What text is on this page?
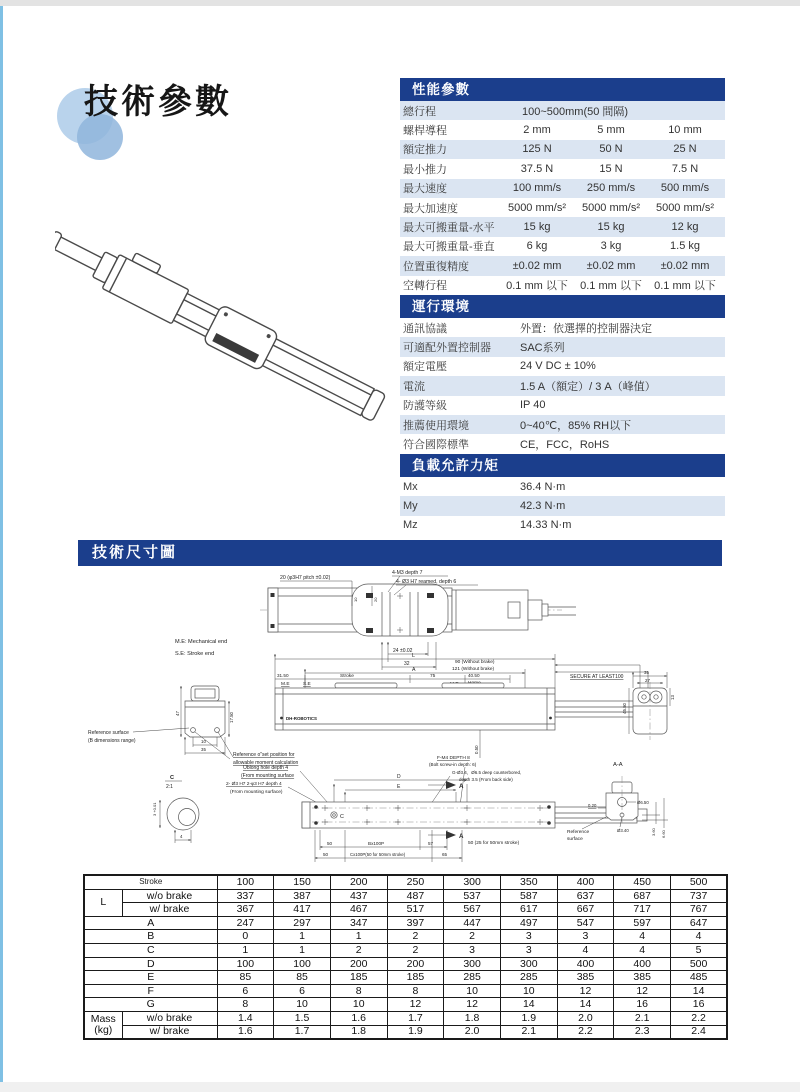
技術參數	性能參數
總行程	100~500mm(50 間隔)
螺桿導程	2 mm	5 mm	10 mm
額定推力	125 N	50 N	25 N
最小推力	37.5 N	15 N	7.5 N
最大速度	100 mm/s	250 mm/s	500 mm/s
最大加速度	5000 mm/s²	5000 mm/s²	5000 mm/s²
最大可搬重量-水平	15 kg	15 kg	12 kg
最大可搬重量-垂直	6 kg	3 kg	1.5 kg
位置重復精度	±0.02 mm	±0.02 mm	±0.02 mm
空轉行程	0.1 mm 以下	0.1 mm 以下	0.1 mm 以下
運行環境
通訊協議	外置：依選擇的控制器決定
可適配外置控制器	SAC系列
額定電壓	24 V DC ± 10%
電流	1.5 A（額定）/ 3 A（峰值）
防護等級	IP 40
推薦使用環境	0~40℃，85% RH以下
符合國際標準	CE，FCC，RoHS
負載允許力矩
Mx	36.4 N·m
My	42.3 N·m
Mz	14.33 N·m
技術尺寸圖
20 (φ3H7 pitch ±0.02)
10	20
4-M3 depth 7
4- Ø3 H7 reamed, depth 6
24 ±0.02
32
M.E: Mechanical end
S.E: Stroke end	L
90 (Without brake)
121 (Without brake)
A
31.50	Stroke	75	40.50
M.E	S.E
DH-ROBOTICS
SECURE AT LEAST100
0.50
47	17.50
10
35
Reference surface
(B dimensions range)
Reference o″set position for
allowable moment calculation
35
27
13
45.50
Oblong hole depth 4
(From mounting surface
2- Ø3 H7 2-φ3 H7 depth 4
(From mounting surface)
D
E
F-M4 DEPTH 8
(Bolt screw-in depth: 6)
G-Ø3.4，Ø6.5 deep counterbored,
depth 3.5 (From back side)
C
A
A
50 (25 for 50mm stroke)
50	Bx100P	57
50	Cx100P(50 for 50mm stroke)	65
C
2:1
4
3 +0.01
A-A
0.20
Ø6.50
Ø3.40	3.60 6.60
Reference
surface
Stroke		100	150	200	250	300	350	400	450	500
L	w/o brake	337	387	437	487	537	587	637	687	737
	w/ brake	367	417	467	517	567	617	667	717	767
A		247	297	347	397	447	497	547	597	647
B		0	1	1	2	2	3	3	4	4
C		1	1	2	2	3	3	4	4	5
D		100	100	200	200	300	300	400	400	500
E		85	85	185	185	285	285	385	385	485
F		6	6	8	8	10	10	12	12	14
G		8	10	10	12	12	14	14	16	16
Mass
(kg)	w/o brake	1.4	1.5	1.6	1.7	1.8	1.9	2.0	2.1	2.2
	w/ brake	1.6	1.7	1.8	1.9	2.0	2.1	2.2	2.3	2.4
